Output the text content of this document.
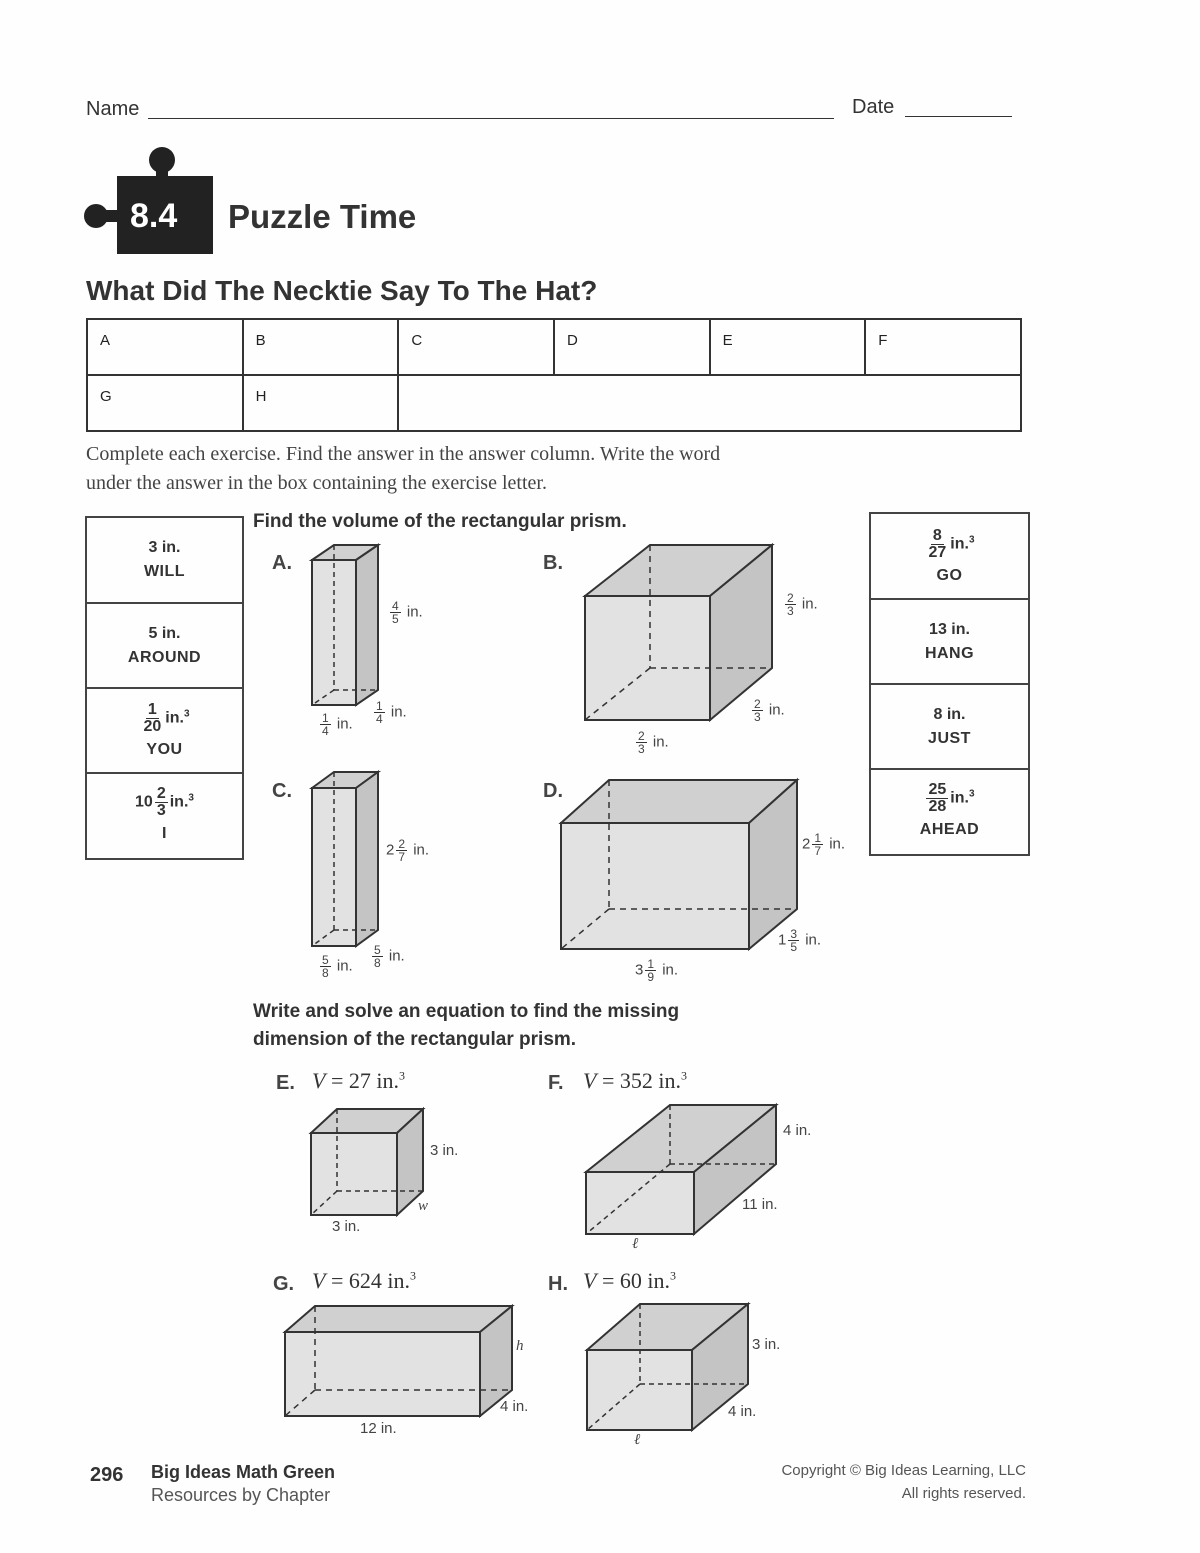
Name	Date
8.4 Puzzle Time
What Did The Necktie Say To The Hat?
A	B	C	D	E	F
G	H				
Complete each exercise. Find the answer in the answer column. Write the word
under the answer in the box containing the exercise letter.
3 in.
WILL
5 in.
AROUND
$\frac{1}{20} in.^3$
YOU
$10 \frac{2}{3} in.^3$
I
$\frac{8}{27} in.^3$
GO
13 in.
HANG
8 in.
JUST
$\frac{25}{28} in.^3$
AHEAD
Find the volume of the rectangular prism.
A.
$\frac{4}{5}$ in.
$\frac{1}{4}$ in. $\frac{1}{4}$ in.
B.
$\frac{2}{3}$ in.
$\frac{2}{3}$ in.
$\frac{2}{3}$ in.
C.
$2 \frac{2}{7}$ in.
$\frac{5}{8}$ in. $\frac{5}{8}$ in.
D.
$2 \frac{1}{7}$ in.
$1 \frac{3}{5}$ in.
$3 \frac{1}{9}$ in.
Write and solve an equation to find the missing
dimension of the rectangular prism.
E. V = 27 in.$^3$
3 in.
w
3 in.
F. V = 352 in.$^3$
4 in.
11 in.
ℓ
G. V = 624 in.$^3$
h
4 in.
12 in.
H. V = 60 in.$^3$
3 in.
4 in.
ℓ
296 Big Ideas Math Green
Resources by Chapter
Copyright © Big Ideas Learning, LLC
All rights reserved.
